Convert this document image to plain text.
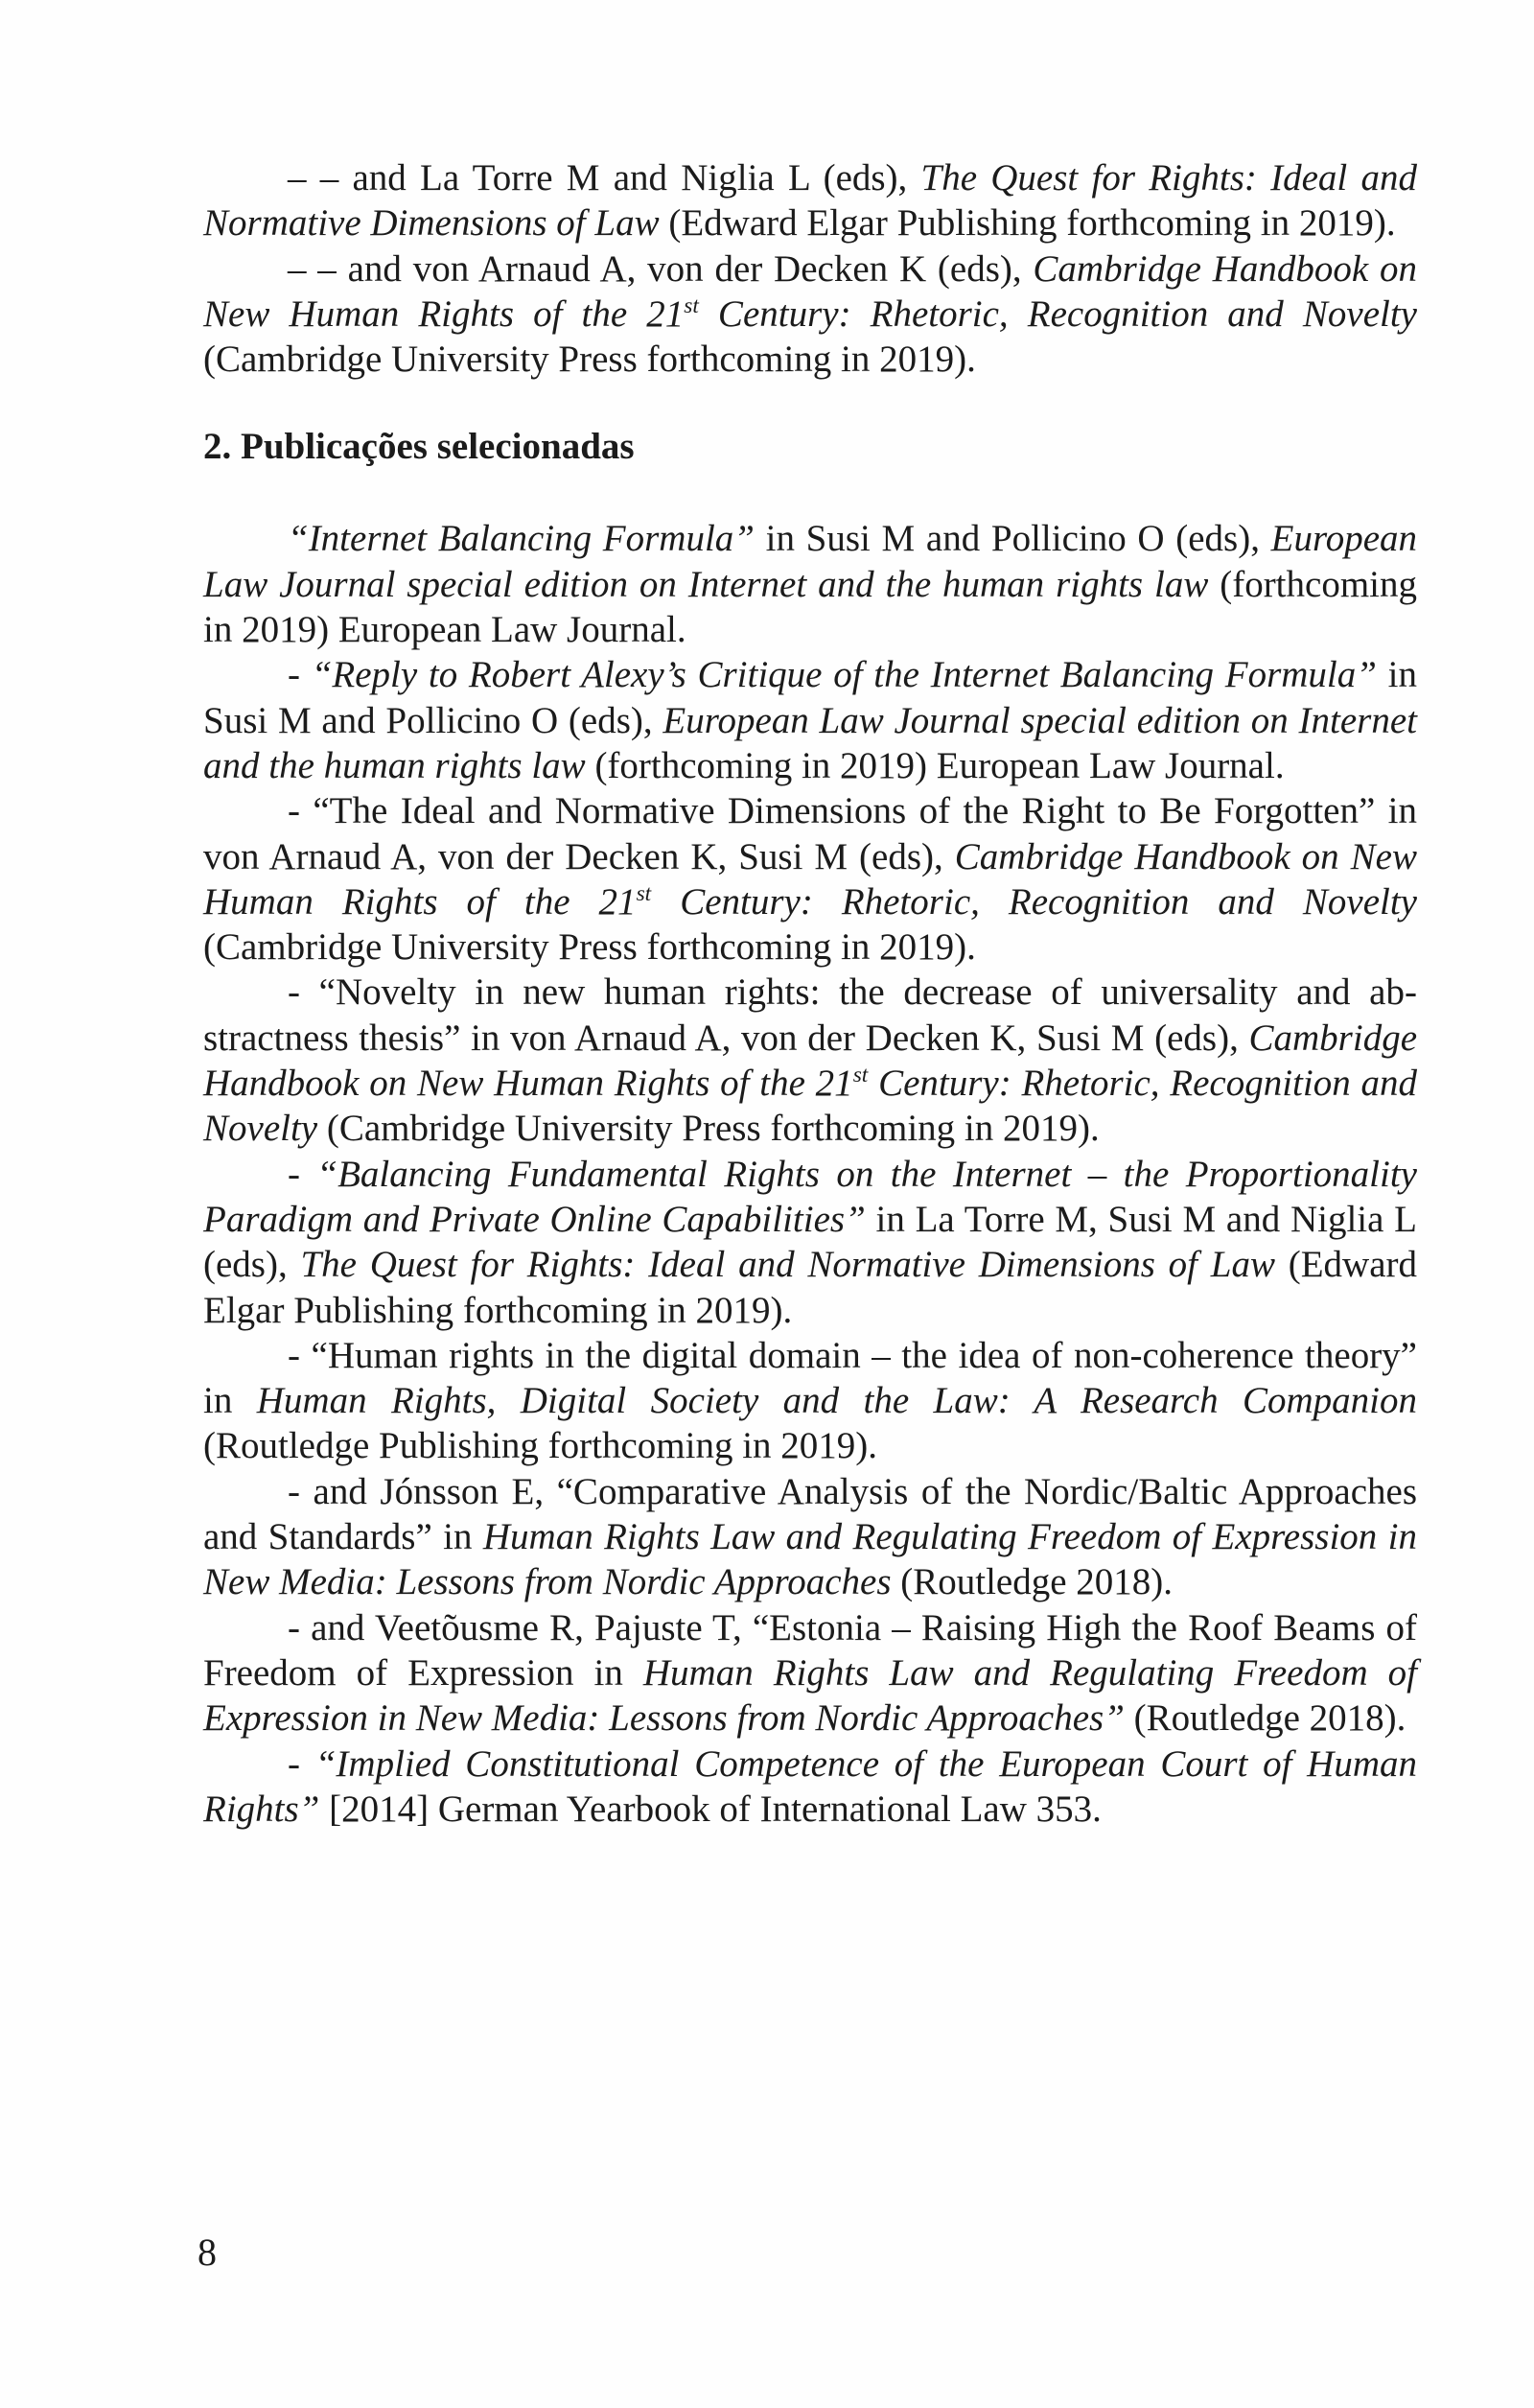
– – and La Torre M and Niglia L (eds), The Quest for Rights: Ideal and Normative Dimensions of Law (Edward Elgar Publishing forthcoming in 2019).

– – and von Arnaud A, von der Decken K (eds), Cambridge Handbook on New Human Rights of the 21st Century: Rhetoric, Recognition and Novelty (Cambridge University Press forthcoming in 2019).

2. Publicações selecionadas

“Internet Balancing Formula” in Susi M and Pollicino O (eds), European Law Journal special edition on Internet and the human rights law (forthcoming in 2019) European Law Journal.

- “Reply to Robert Alexy’s Critique of the Internet Balancing Formula” in Susi M and Pollicino O (eds), European Law Journal special edition on Internet and the human rights law (forthcoming in 2019) European Law Journal.

- “The Ideal and Normative Dimensions of the Right to Be Forgotten” in von Arnaud A, von der Decken K, Susi M (eds), Cambridge Handbook on New Human Rights of the 21st Century: Rhetoric, Recognition and Novelty (Cambridge University Press forthcoming in 2019).

- “Novelty in new human rights: the decrease of universality and abstractness thesis” in von Arnaud A, von der Decken K, Susi M (eds), Cambridge Handbook on New Human Rights of the 21st Century: Rhetoric, Recognition and Novelty (Cambridge University Press forthcoming in 2019).

- “Balancing Fundamental Rights on the Internet – the Proportionality Paradigm and Private Online Capabilities” in La Torre M, Susi M and Niglia L (eds), The Quest for Rights: Ideal and Normative Dimensions of Law (Edward Elgar Publishing forthcoming in 2019).

- “Human rights in the digital domain – the idea of non-coherence theory” in Human Rights, Digital Society and the Law: A Research Companion (Routledge Publishing forthcoming in 2019).

- and Jónsson E, “Comparative Analysis of the Nordic/Baltic Approaches and Standards” in Human Rights Law and Regulating Freedom of Expression in New Media: Lessons from Nordic Approaches (Routledge 2018).

- and Veetõusme R, Pajuste T, “Estonia – Raising High the Roof Beams of Freedom of Expression in Human Rights Law and Regulating Freedom of Expression in New Media: Lessons from Nordic Approaches” (Routledge 2018).

- “Implied Constitutional Competence of the European Court of Human Rights” [2014] German Yearbook of International Law 353.

8
